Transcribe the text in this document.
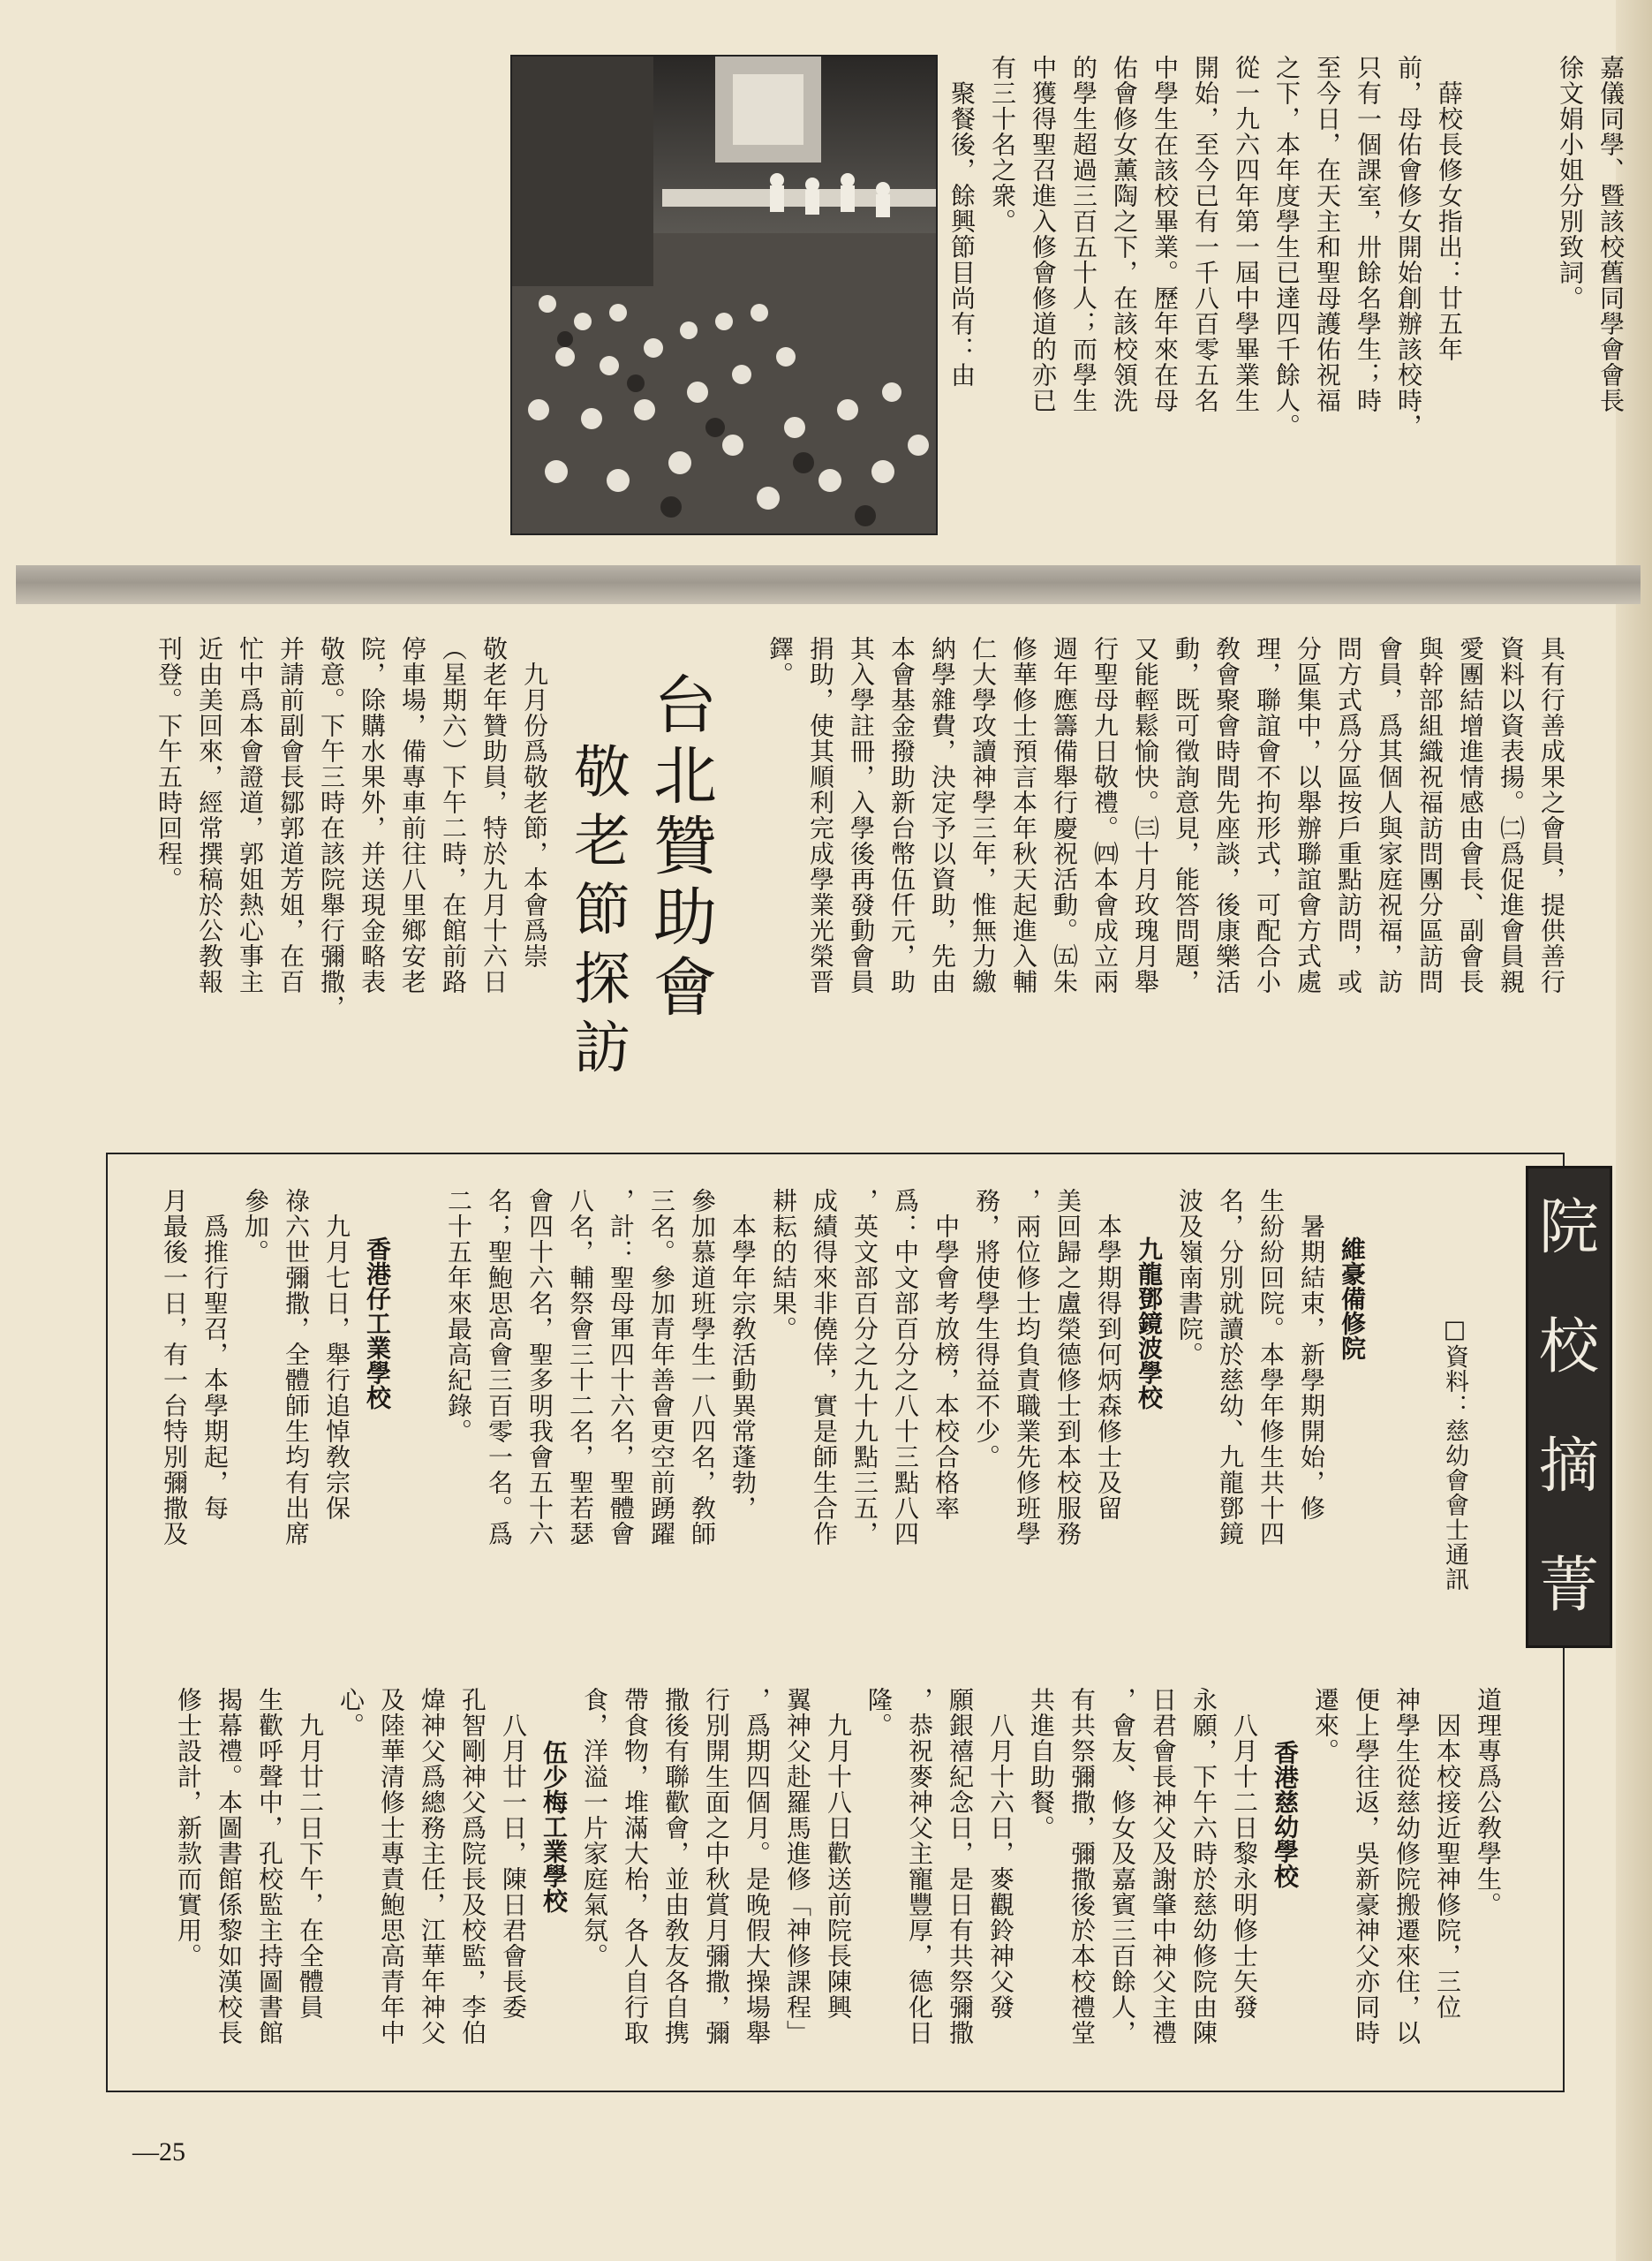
嘉儀同學、暨該校舊同學會會長
徐文娟小姐分別致詞。
　薛校長修女指出：廿五年
前，母佑會修女開始創辦該校時，
只有一個課室，卅餘名學生；時
至今日，在天主和聖母護佑祝福
之下，本年度學生已達四千餘人。
從一九六四年第一屆中學畢業生
開始，至今已有一千八百零五名
中學生在該校畢業。歷年來在母
佑會修女薰陶之下，在該校領洗
的學生超過三百五十人；而學生
中獲得聖召進入修會修道的亦已
有三十名之衆。
　聚餐後，餘興節目尚有：由

具有行善成果之會員，提供善行
資料以資表揚。㈡爲促進會員親
愛團結增進情感由會長、副會長
與幹部組織祝福訪問團分區訪問
會員，爲其個人與家庭祝福，訪
問方式爲分區按戶重點訪問，或
分區集中，以舉辦聯誼會方式處
理，聯誼會不拘形式，可配合小
敎會聚會時間先座談，後康樂活
動，既可徵詢意見，能答問題，
又能輕鬆愉快。㈢十月玫瑰月舉
行聖母九日敬禮。㈣本會成立兩
週年應籌備舉行慶祝活動。㈤朱
修華修士預言本年秋天起進入輔
仁大學攻讀神學三年，惟無力繳
納學雜費，決定予以資助，先由
本會基金撥助新台幣伍仟元，助
其入學註冊，入學後再發動會員
捐助，使其順利完成學業光榮晋
鐸。
台北贊助會
敬老節探訪
　九月份爲敬老節，本會爲崇
敬老年贊助員，特於九月十六日
（星期六）下午二時，在館前路
停車場，備專車前往八里鄉安老
院，除購水果外，并送現金略表
敬意。下午三時在該院舉行彌撒，
并請前副會長鄒郭道芳姐，在百
忙中爲本會證道，郭姐熱心事主
近由美回來，經常撰稿於公教報
刊登。下午五時回程。
院
校
摘
菁
□資料：慈幼會會士通訊
維豪備修院
　暑期結束，新學期開始，修
生紛紛回院。本學年修生共十四
名，分別就讀於慈幼、九龍鄧鏡
波及嶺南書院。
九龍鄧鏡波學校
　本學期得到何炳森修士及留
美回歸之盧榮德修士到本校服務
，兩位修士均負責職業先修班學
務，將使學生得益不少。
　中學會考放榜，本校合格率
爲：中文部百分之八十三點八四
，英文部百分之九十九點三五，
成績得來非僥倖，實是師生合作
耕耘的結果。
　本學年宗敎活動異常蓬勃，
參加慕道班學生一八四名，敎師
三名。參加青年善會更空前踴躍
，計：聖母軍四十六名，聖體會
八名，輔祭會三十二名，聖若瑟
會四十六名，聖多明我會五十六
名；聖鮑思高會三百零一名。爲
二十五年來最高紀錄。
香港仔工業學校
　九月七日，舉行追悼敎宗保
祿六世彌撒，全體師生均有出席
參加。
　爲推行聖召，本學期起，每
月最後一日，有一台特別彌撒及
道理專爲公敎學生。
　因本校接近聖神修院，三位
神學生從慈幼修院搬遷來住，以
便上學往返，吳新豪神父亦同時
遷來。
香港慈幼學校
　八月十二日黎永明修士矢發
永願，下午六時於慈幼修院由陳
日君會長神父及謝肇中神父主禮
，會友、修女及嘉賓三百餘人，
有共祭彌撒，彌撒後於本校禮堂
共進自助餐。
　八月十六日，麥觀鈴神父發
願銀禧紀念日，是日有共祭彌撒
，恭祝麥神父主寵豐厚，德化日
隆。
　九月十八日歡送前院長陳興
翼神父赴羅馬進修「神修課程」
，爲期四個月。是晚假大操場舉
行別開生面之中秋賞月彌撒，彌
撒後有聯歡會，並由敎友各自携
帶食物，堆滿大枱，各人自行取
食，洋溢一片家庭氣氛。
伍少梅工業學校
　八月廿一日，陳日君會長委
孔智剛神父爲院長及校監，李伯
煒神父爲總務主任，江華年神父
及陸華清修士專責鮑思高青年中
心。
　九月廿二日下午，在全體員
生歡呼聲中，孔校監主持圖書館
揭幕禮。本圖書館係黎如漢校長
修士設計，新款而實用。
—25
